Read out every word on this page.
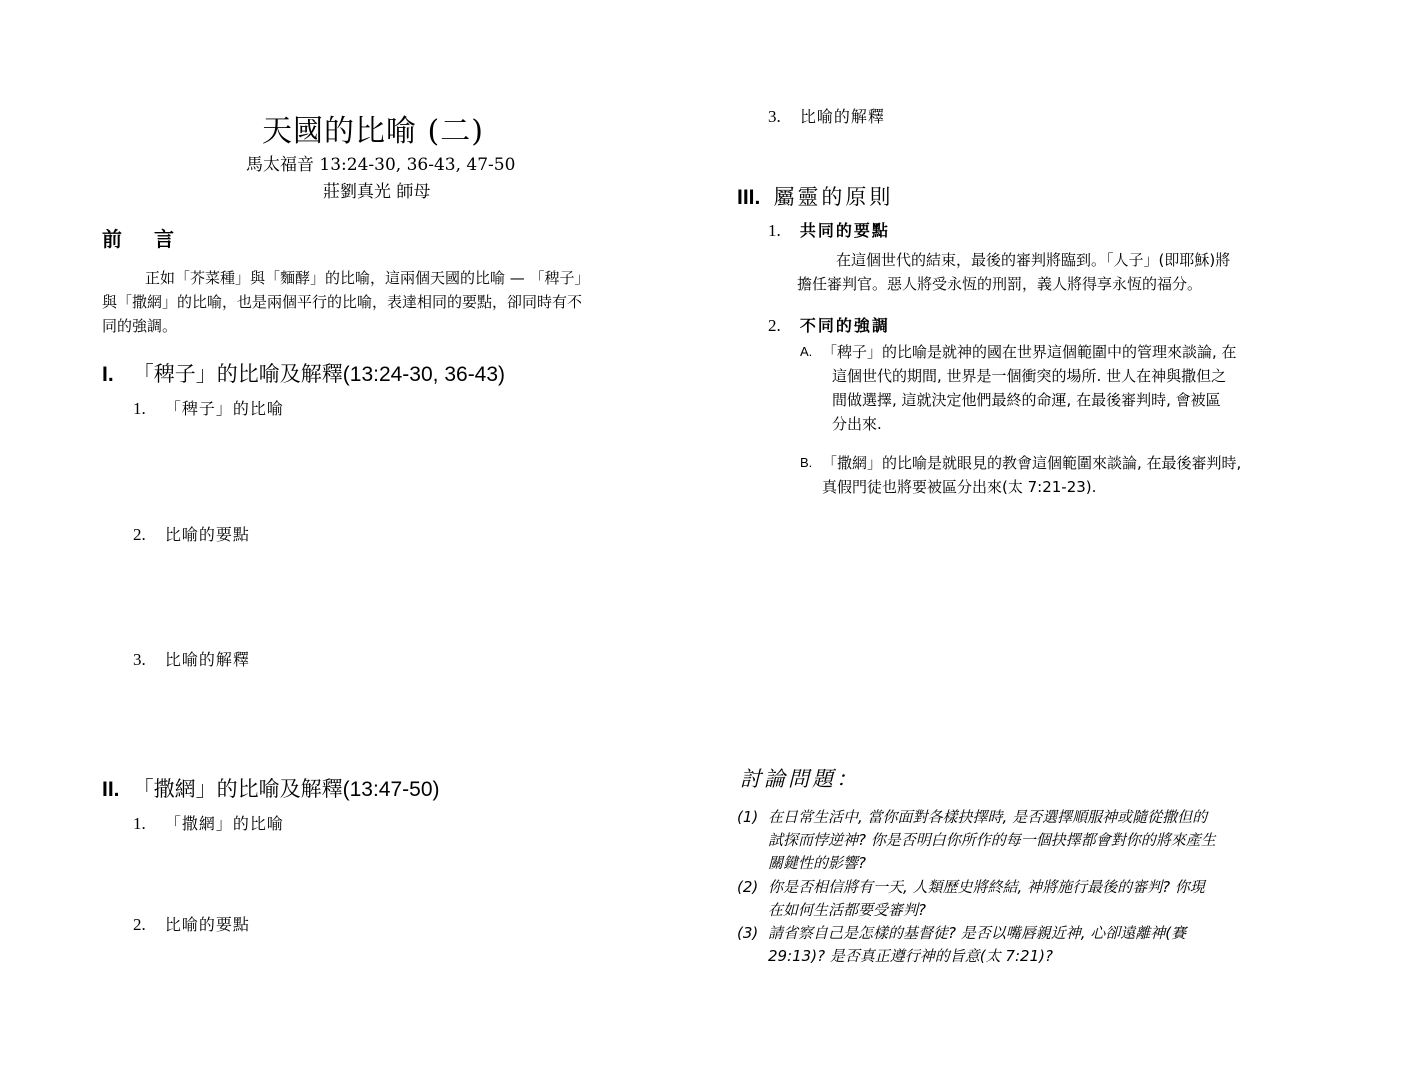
天國的比喻 (二)
馬太福音 13:24-30, 36-43, 47-50
莊劉真光 師母
前　言
正如「芥菜種」與「麵酵」的比喻，這兩個天國的比喻 — 「稗子」
與「撒網」的比喻，也是兩個平行的比喻，表達相同的要點，卻同時有不
同的強調。
I. 「稗子」的比喻及解釋(13:24-30, 36-43)
1. 「稗子」的比喻
2. 比喻的要點
3. 比喻的解釋
II. 「撒網」的比喻及解釋(13:47-50)
1. 「撒網」的比喻
2. 比喻的要點
3. 比喻的解釋
III. 屬靈的原則
1. 共同的要點
在這個世代的結束，最後的審判將臨到。「人子」(即耶穌)將
擔任審判官。惡人將受永恆的刑罰，義人將得享永恆的福分。
2. 不同的強調
A. 「稗子」的比喻是就神的國在世界這個範圍中的管理來談論, 在
這個世代的期間, 世界是一個衝突的場所. 世人在神與撒但之
間做選擇, 這就決定他們最終的命運, 在最後審判時, 會被區
分出來.
B. 「撒網」的比喻是就眼見的教會這個範圍來談論, 在最後審判時,
真假門徒也將要被區分出來(太 7:21-23).
討論問題：
(1) 在日常生活中, 當你面對各樣抉擇時, 是否選擇順服神或隨從撒但的
試探而悖逆神? 你是否明白你所作的每一個抉擇都會對你的將來產生
關鍵性的影響?
(2) 你是否相信將有一天, 人類歷史將終結, 神將施行最後的審判? 你現
在如何生活都要受審判?
(3) 請省察自己是怎樣的基督徒? 是否以嘴唇親近神, 心卻遠離神(賽
29:13)? 是否真正遵行神的旨意(太 7:21)?
